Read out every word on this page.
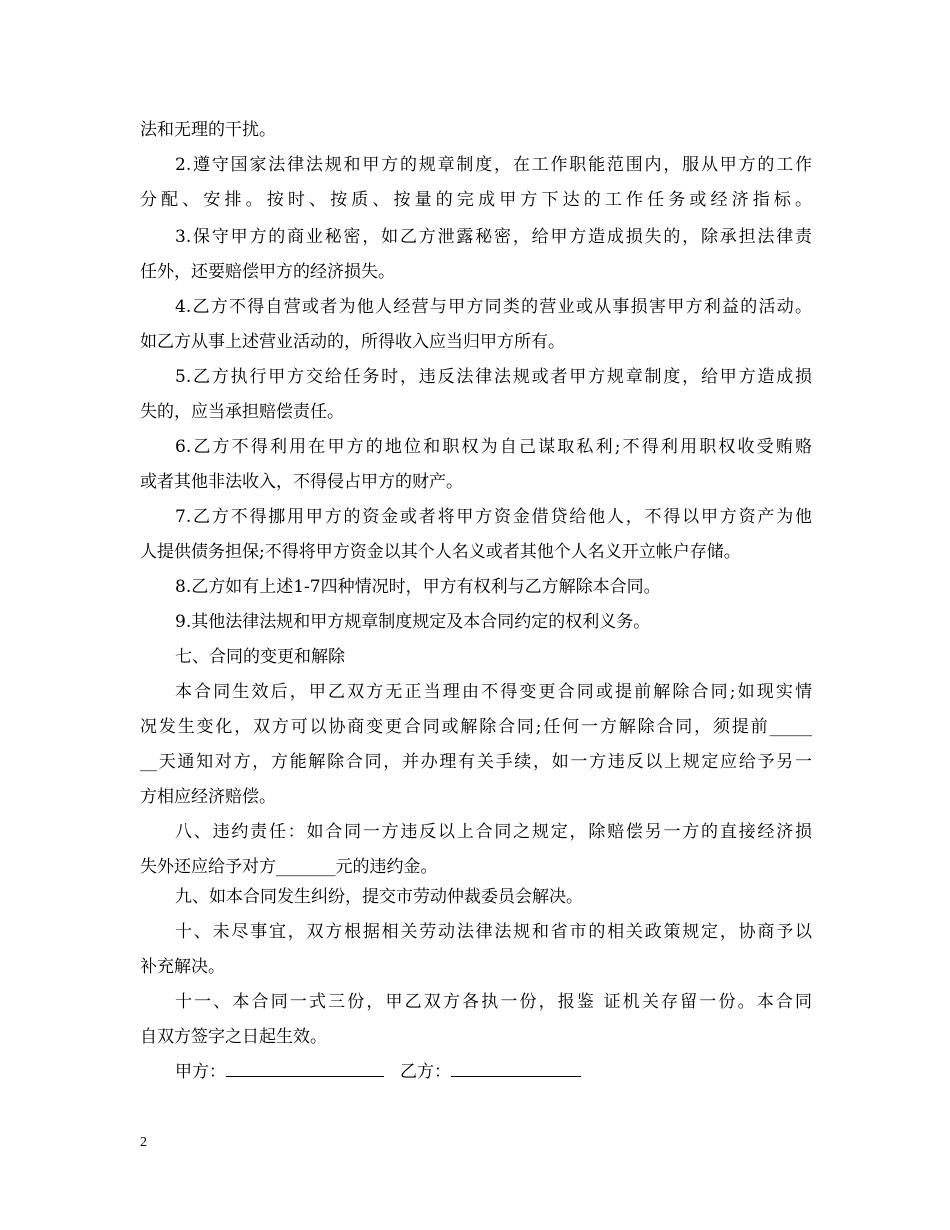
法和无理的干扰。
2.遵守国家法律法规和甲方的规章制度，在工作职能范围内，服从甲方的工作
分配、安排。按时、按质、按量的完成甲方下达的工作任务或经济指标。
3.保守甲方的商业秘密，如乙方泄露秘密，给甲方造成损失的，除承担法律责
任外，还要赔偿甲方的经济损失。
4.乙方不得自营或者为他人经营与甲方同类的营业或从事损害甲方利益的活动。
如乙方从事上述营业活动的，所得收入应当归甲方所有。
5.乙方执行甲方交给任务时，违反法律法规或者甲方规章制度，给甲方造成损
失的，应当承担赔偿责任。
6.乙方不得利用在甲方的地位和职权为自己谋取私利;不得利用职权收受贿赂
或者其他非法收入，不得侵占甲方的财产。
7.乙方不得挪用甲方的资金或者将甲方资金借贷给他人，不得以甲方资产为他
人提供债务担保;不得将甲方资金以其个人名义或者其他个人名义开立帐户存储。
8.乙方如有上述1-7四种情况时，甲方有权利与乙方解除本合同。
9.其他法律法规和甲方规章制度规定及本合同约定的权利义务。
七、合同的变更和解除
本合同生效后，甲乙双方无正当理由不得变更合同或提前解除合同;如现实情
况发生变化，双方可以协商变更合同或解除合同;任何一方解除合同，须提前_____
__天通知对方，方能解除合同，并办理有关手续，如一方违反以上规定应给予另一
方相应经济赔偿。
八、违约责任：如合同一方违反以上合同之规定，除赔偿另一方的直接经济损
失外还应给予对方_______元的违约金。
九、如本合同发生纠纷，提交市劳动仲裁委员会解决。
十、未尽事宜，双方根据相关劳动法律法规和省市的相关政策规定，协商予以
补充解决。
十一、本合同一式三份，甲乙双方各执一份，报鉴 证机关存留一份。本合同
自双方签字之日起生效。
甲方：	乙方：
2
